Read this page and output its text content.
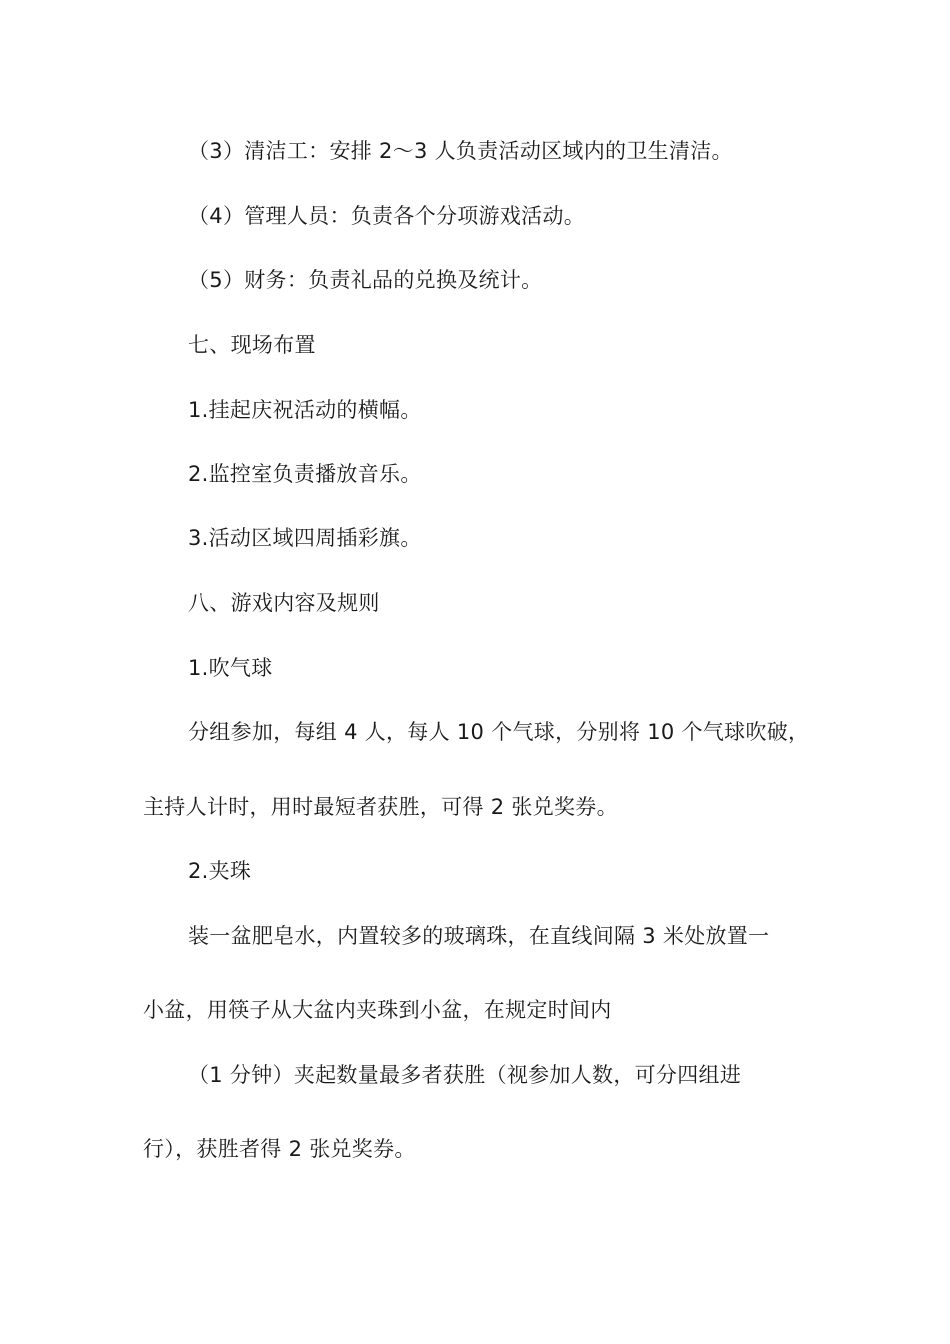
（3）清洁工：安排 2～3 人负责活动区域内的卫生清洁。
（4）管理人员：负责各个分项游戏活动。
（5）财务：负责礼品的兑换及统计。
七、现场布置
1.挂起庆祝活动的横幅。
2.监控室负责播放音乐。
3.活动区域四周插彩旗。
八、游戏内容及规则
1.吹气球
分组参加，每组 4 人，每人 10 个气球，分别将 10 个气球吹破，
主持人计时，用时最短者获胜，可得 2 张兑奖券。
2.夹珠
装一盆肥皂水，内置较多的玻璃珠，在直线间隔 3 米处放置一
小盆，用筷子从大盆内夹珠到小盆，在规定时间内
（1 分钟）夹起数量最多者获胜（视参加人数，可分四组进
行），获胜者得 2 张兑奖券。
